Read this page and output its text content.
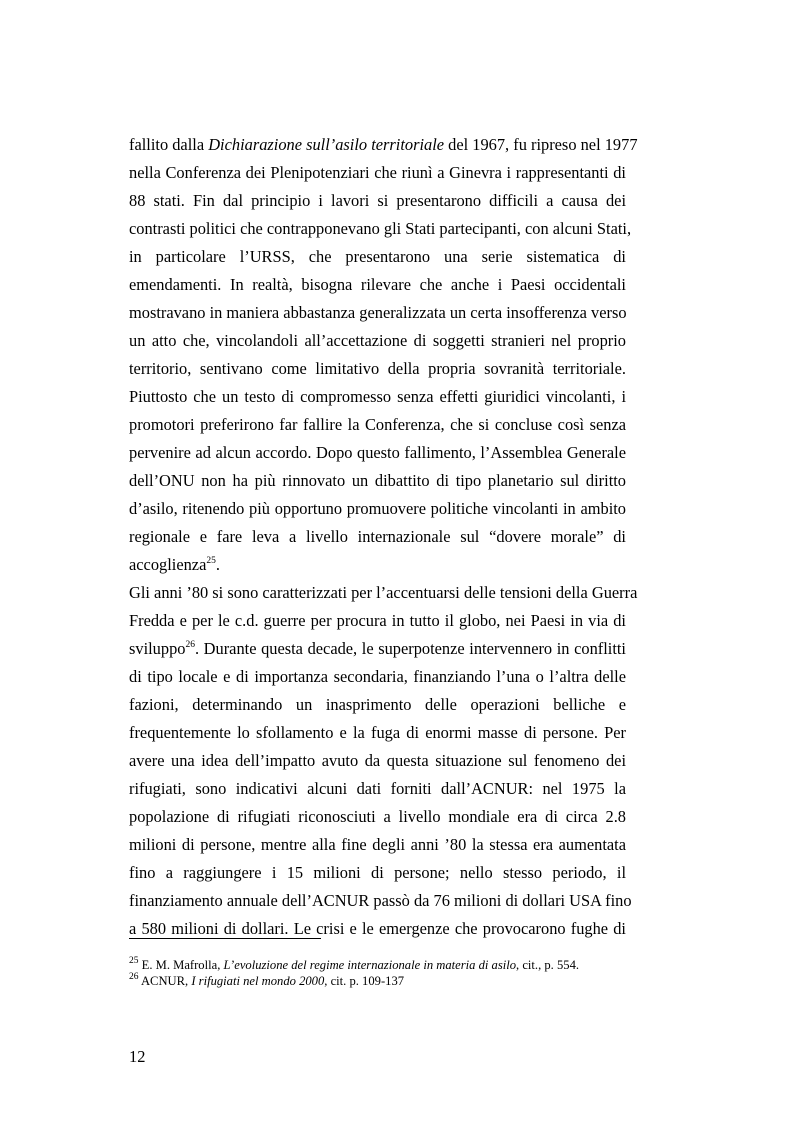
fallito dalla Dichiarazione sull’asilo territoriale del 1967, fu ripreso nel 1977
nella Conferenza dei Plenipotenziari che riunì a Ginevra i rappresentanti di
88 stati. Fin dal principio i lavori si presentarono difficili a causa dei
contrasti politici che contrapponevano gli Stati partecipanti, con alcuni Stati,
in particolare l’URSS, che presentarono una serie sistematica di
emendamenti. In realtà, bisogna rilevare che anche i Paesi occidentali
mostravano in maniera abbastanza generalizzata un certa insofferenza verso
un atto che, vincolandoli all’accettazione di soggetti stranieri nel proprio
territorio, sentivano come limitativo della propria sovranità territoriale.
Piuttosto che un testo di compromesso senza effetti giuridici vincolanti, i
promotori preferirono far fallire la Conferenza, che si concluse così senza
pervenire ad alcun accordo. Dopo questo fallimento, l’Assemblea Generale
dell’ONU non ha più rinnovato un dibattito di tipo planetario sul diritto
d’asilo, ritenendo più opportuno promuovere politiche vincolanti in ambito
regionale e fare leva a livello internazionale sul “dovere morale” di
accoglienza$^{25}$.
Gli anni ’80 si sono caratterizzati per l’accentuarsi delle tensioni della Guerra
Fredda e per le c.d. guerre per procura in tutto il globo, nei Paesi in via di
sviluppo$^{26}$. Durante questa decade, le superpotenze intervennero in conflitti
di tipo locale e di importanza secondaria, finanziando l’una o l’altra delle
fazioni, determinando un inasprimento delle operazioni belliche e
frequentemente lo sfollamento e la fuga di enormi masse di persone. Per
avere una idea dell’impatto avuto da questa situazione sul fenomeno dei
rifugiati, sono indicativi alcuni dati forniti dall’ACNUR: nel 1975 la
popolazione di rifugiati riconosciuti a livello mondiale era di circa 2.8
milioni di persone, mentre alla fine degli anni ’80 la stessa era aumentata
fino a raggiungere i 15 milioni di persone; nello stesso periodo, il
finanziamento annuale dell’ACNUR passò da 76 milioni di dollari USA fino
a 580 milioni di dollari. Le crisi e le emergenze che provocarono fughe di
$^{25}$ E. M. Mafrolla, L’evoluzione del regime internazionale in materia di asilo, cit., p. 554.
$^{26}$ ACNUR, I rifugiati nel mondo 2000, cit. p. 109-137
12
